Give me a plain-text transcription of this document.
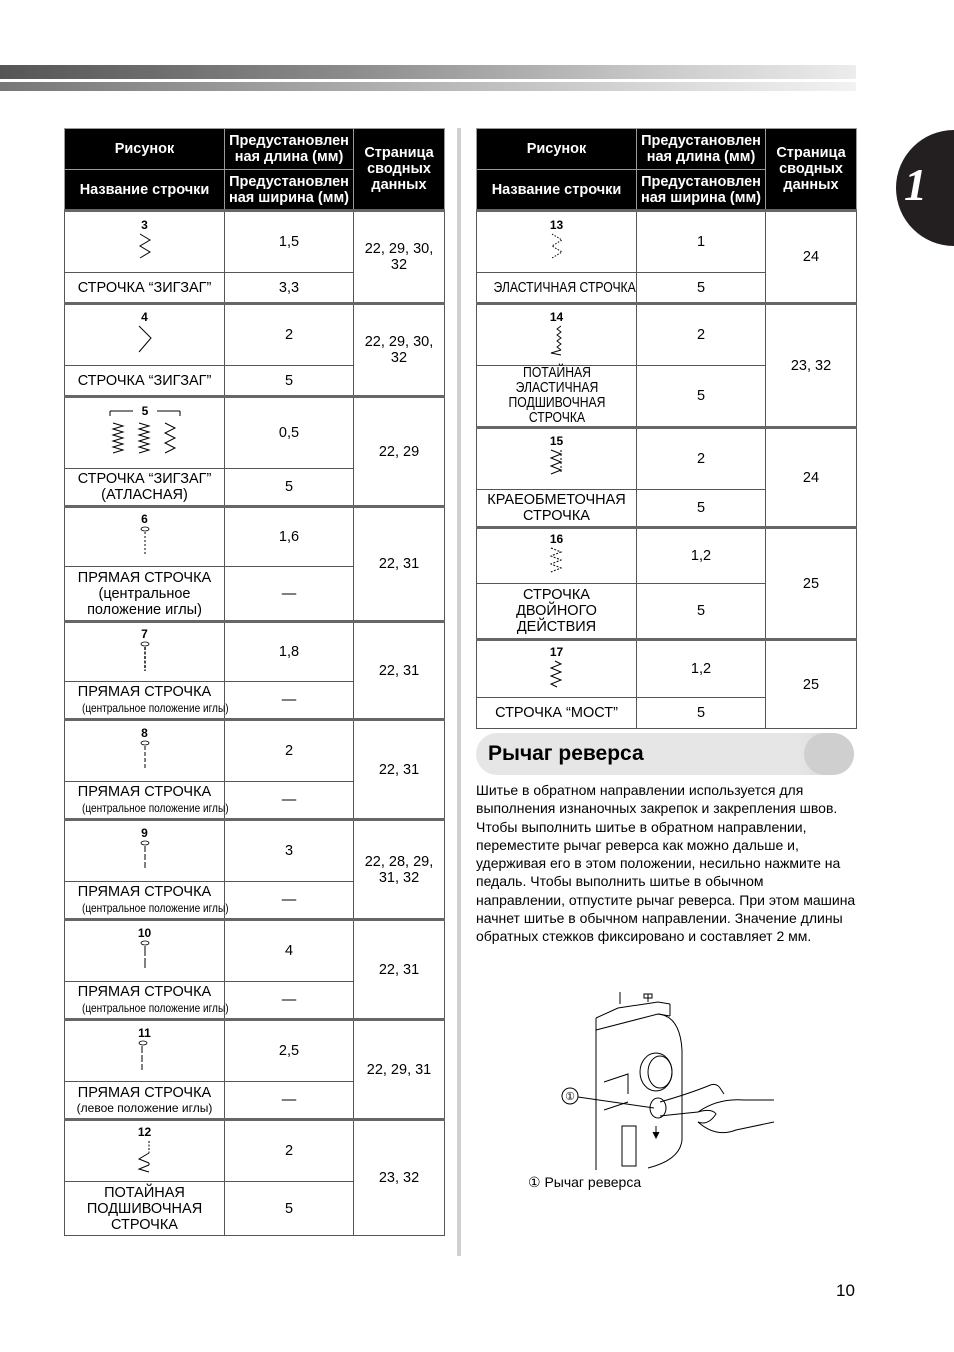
1
Рисунок	Предустановлен ная длина (мм)	Страница сводных данных
Название строчки	Предустановлен ная ширина (мм)	

3	1,5	22, 29, 30, 32
СТРОЧКА “ЗИГЗАГ”	3,3	

4	2	22, 29, 30, 32
СТРОЧКА “ЗИГЗАГ”	5	

5	0,5	22, 29
СТРОЧКА “ЗИГЗАГ” (АТЛАСНАЯ)	5	

6	1,6	22, 31
ПРЯМАЯ СТРОЧКА
(центральное положение иглы)	—	

7	1,8	22, 31
ПРЯМАЯ СТРОЧКА(центральное положение иглы)	—	

8	2	22, 31
ПРЯМАЯ СТРОЧКА(центральное положение иглы)	—	

9	3	22, 28, 29, 31, 32
ПРЯМАЯ СТРОЧКА(центральное положение иглы)	—	

10	4	22, 31
ПРЯМАЯ СТРОЧКА(центральное положение иглы)	—	

11	2,5	22, 29, 31
ПРЯМАЯ СТРОЧКА
(левое положение иглы)	—	

12	2	23, 32
ПОТАЙНАЯ ПОДШИВОЧНАЯ СТРОЧКА	5	
Рисунок	Предустановлен ная длина (мм)	Страница сводных данных
Название строчки	Предустановлен ная ширина (мм)	

13	1	24
ЭЛАСТИЧНАЯ СТРОЧКА	5	

14	2	23, 32

ПОТАЙНАЯ ЭЛАСТИЧНАЯ ПОДШИВОЧНАЯ СТРОЧКА	5	

15	2	24
КРАЕОБМЕТОЧНАЯ СТРОЧКА	5	

16	1,2	25
СТРОЧКА ДВОЙНОГО ДЕЙСТВИЯ	5	

17	1,2	25
СТРОЧКА “МОСТ”	5	
Рычаг реверса
Шитье в обратном направлении используется для выполнения изнаночных закрепок и закрепления швов. Чтобы выполнить шитье в обратном направлении, переместите рычаг реверса как можно дальше и, удерживая его в этом положении, несильно нажмите на педаль. Чтобы выполнить шитье в обычном направлении, отпустите рычаг реверса. При этом машина начнет шитье в обычном направлении. Значение длины обратных стежков фиксировано и составляет 2 мм.
①
① Рычаг реверса
10
